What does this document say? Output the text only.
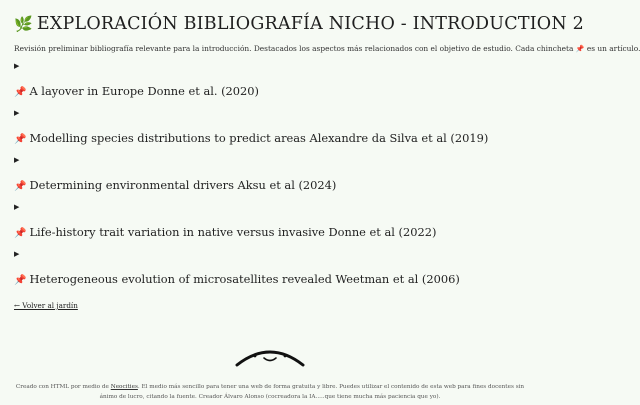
🌿 EXPLORACIÓN BIBLIOGRAFÍA NICHO - INTRODUCTION 2

Revisión preliminar bibliografía relevante para la introducción. Destacados los aspectos más relacionados con el objetivo de estudio. Cada chincheta 📌 es un artículo.

▶
📌 A layover in Europe Donne et al. (2020)
▶
📌 Modelling species distributions to predict areas Alexandre da Silva et al (2019)
▶
📌 Determining environmental drivers Aksu et al (2024)
▶
📌 Life-history trait variation in native versus invasive Donne et al (2022)
▶
📌 Heterogeneous evolution of microsatellites revealed Weetman et al (2006)
← Volver al jardín
Creado con HTML por medio de Neocities. El medio más sencillo para tener una web de forma gratuita y libre. Puedes utilizar el contenido de esta web para fines docentes sin ánimo de lucro, citando la fuente. Creador Álvaro Alonso (cocreadora la IA.....que tiene mucha más paciencia que yo).
